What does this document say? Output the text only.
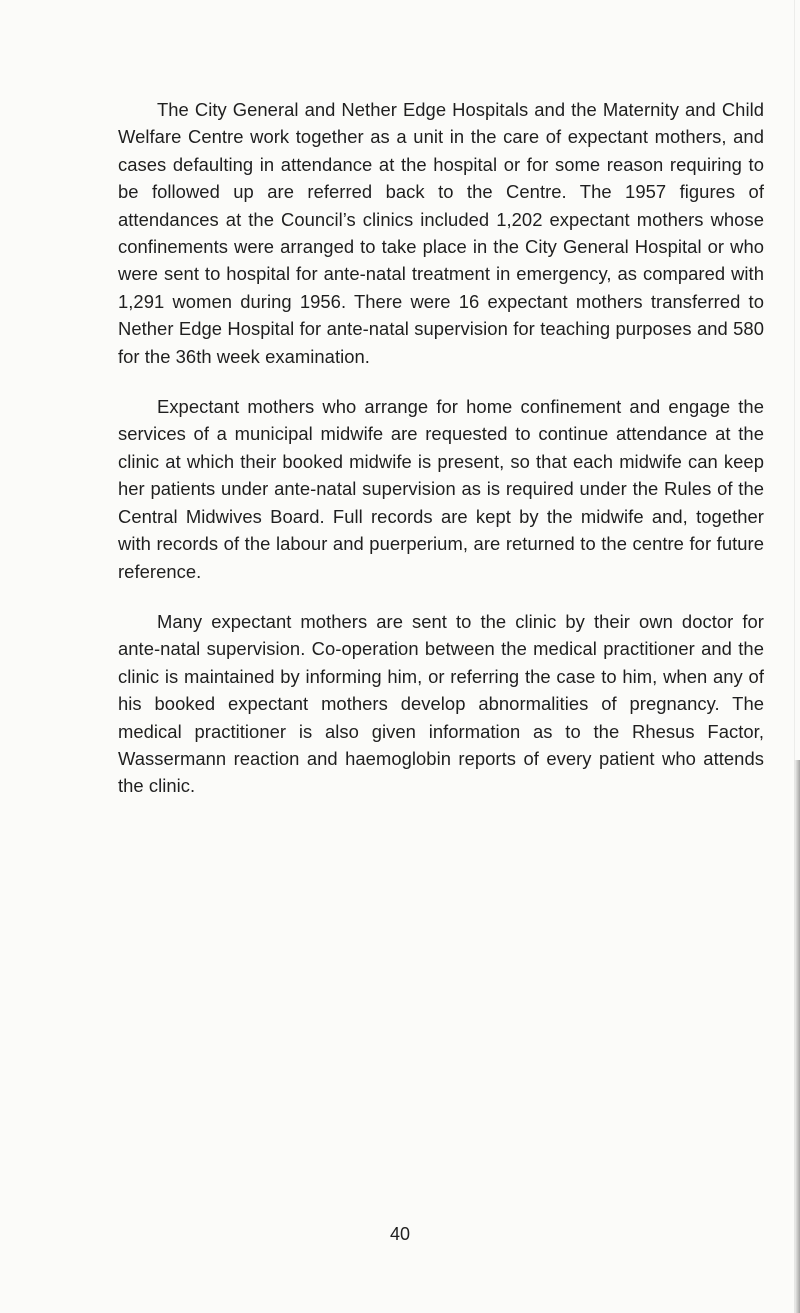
The City General and Nether Edge Hospitals and the Maternity and Child Welfare Centre work together as a unit in the care of expectant mothers, and cases defaulting in attendance at the hospital or for some reason requiring to be followed up are referred back to the Centre. The 1957 figures of attendances at the Council’s clinics included 1,202 expectant mothers whose confinements were arranged to take place in the City General Hospital or who were sent to hospital for ante-natal treatment in emergency, as compared with 1,291 women during 1956. There were 16 expectant mothers transferred to Nether Edge Hospital for ante-natal supervision for teaching purposes and 580 for the 36th week examination.

Expectant mothers who arrange for home confinement and engage the services of a municipal midwife are requested to continue attendance at the clinic at which their booked midwife is present, so that each midwife can keep her patients under ante-natal supervision as is required under the Rules of the Central Midwives Board. Full records are kept by the midwife and, together with records of the labour and puerperium, are returned to the centre for future reference.

Many expectant mothers are sent to the clinic by their own doctor for ante-natal supervision. Co-operation between the medical practitioner and the clinic is maintained by informing him, or referring the case to him, when any of his booked expectant mothers develop abnormalities of pregnancy. The medical practitioner is also given information as to the Rhesus Factor, Wassermann reaction and haemoglobin reports of every patient who attends the clinic.

40
